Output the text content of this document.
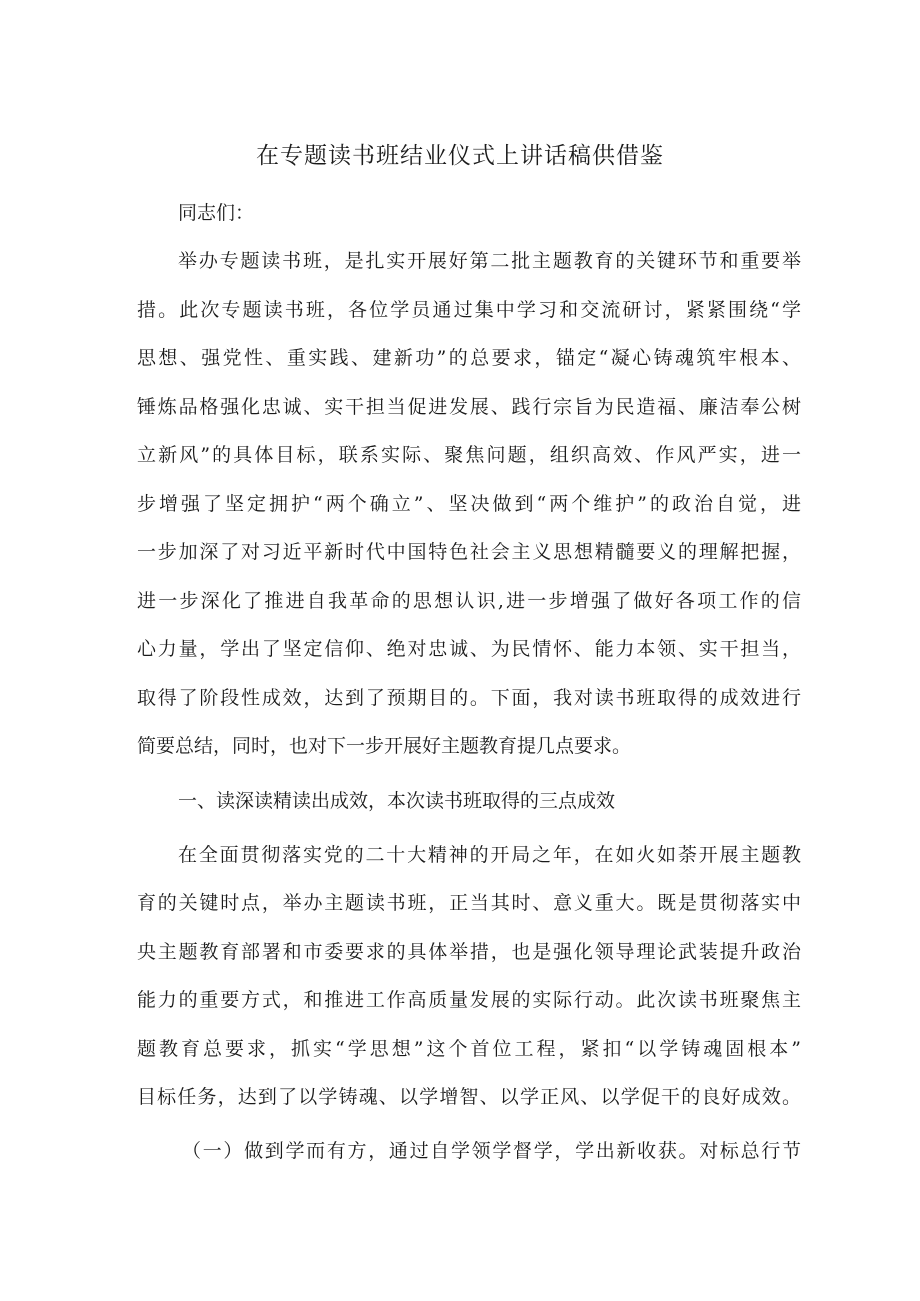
在专题读书班结业仪式上讲话稿供借鉴
同志们：
举办专题读书班，是扎实开展好第二批主题教育的关键环节和重要举
措。此次专题读书班，各位学员通过集中学习和交流研讨，紧紧围绕“学
思想、强党性、重实践、建新功”的总要求，锚定“凝心铸魂筑牢根本、
锤炼品格强化忠诚、实干担当促进发展、践行宗旨为民造福、廉洁奉公树
立新风”的具体目标，联系实际、聚焦问题，组织高效、作风严实，进一
步增强了坚定拥护“两个确立”、坚决做到“两个维护”的政治自觉，进
一步加深了对习近平新时代中国特色社会主义思想精髓要义的理解把握，
进一步深化了推进自我革命的思想认识,进一步增强了做好各项工作的信
心力量，学出了坚定信仰、绝对忠诚、为民情怀、能力本领、实干担当，
取得了阶段性成效，达到了预期目的。下面，我对读书班取得的成效进行
简要总结，同时，也对下一步开展好主题教育提几点要求。
一、读深读精读出成效，本次读书班取得的三点成效
在全面贯彻落实党的二十大精神的开局之年，在如火如荼开展主题教
育的关键时点，举办主题读书班，正当其时、意义重大。既是贯彻落实中
央主题教育部署和市委要求的具体举措，也是强化领导理论武装提升政治
能力的重要方式，和推进工作高质量发展的实际行动。此次读书班聚焦主
题教育总要求，抓实“学思想”这个首位工程，紧扣“以学铸魂固根本”
目标任务，达到了以学铸魂、以学增智、以学正风、以学促干的良好成效。
（一）做到学而有方，通过自学领学督学，学出新收获。对标总行节
